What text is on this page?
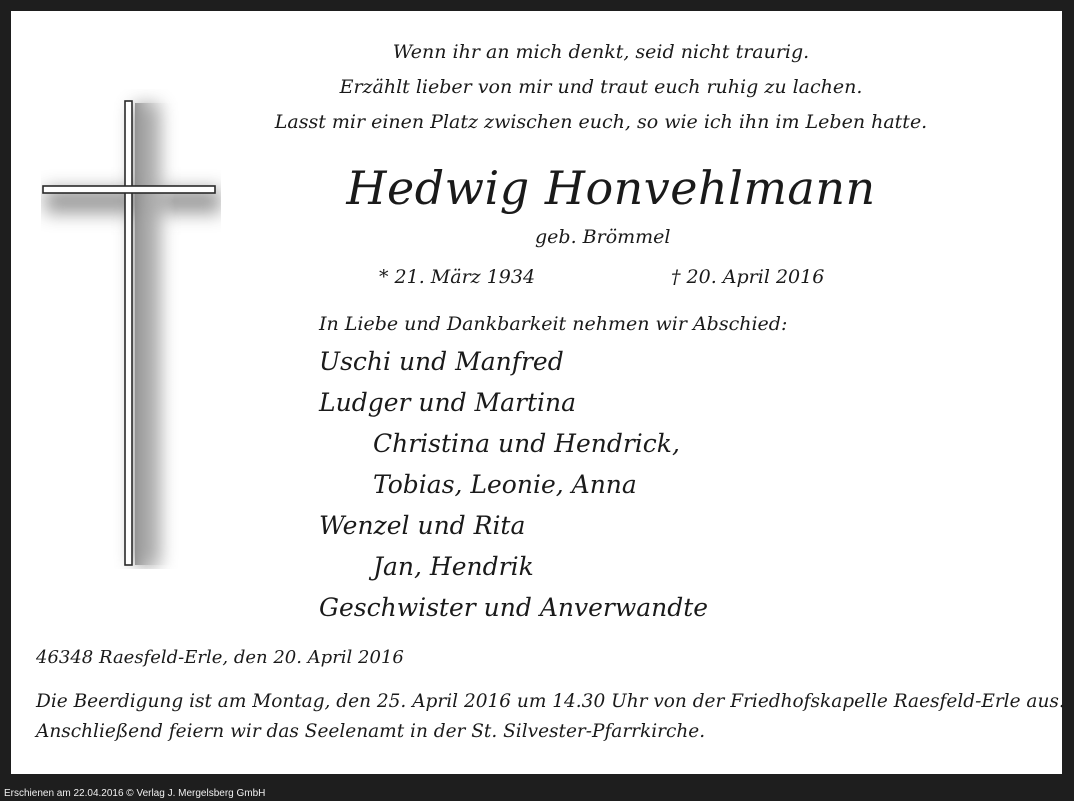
Wenn ihr an mich denkt, seid nicht traurig.
Erzählt lieber von mir und traut euch ruhig zu lachen.
Lasst mir einen Platz zwischen euch, so wie ich ihn im Leben hatte.
Hedwig Honvehlmann
geb. Brömmel
* 21. März 1934	† 20. April 2016
In Liebe und Dankbarkeit nehmen wir Abschied:
Uschi und Manfred
Ludger und Martina
Christina und Hendrick,
Tobias, Leonie, Anna
Wenzel und Rita
Jan, Hendrik
Geschwister und Anverwandte
46348 Raesfeld-Erle, den 20. April 2016
Die Beerdigung ist am Montag, den 25. April 2016 um 14.30 Uhr von der Friedhofskapelle Raesfeld-Erle aus.
Anschließend feiern wir das Seelenamt in der St. Silvester-Pfarrkirche.
Erschienen am 22.04.2016 © Verlag J. Mergelsberg GmbH
